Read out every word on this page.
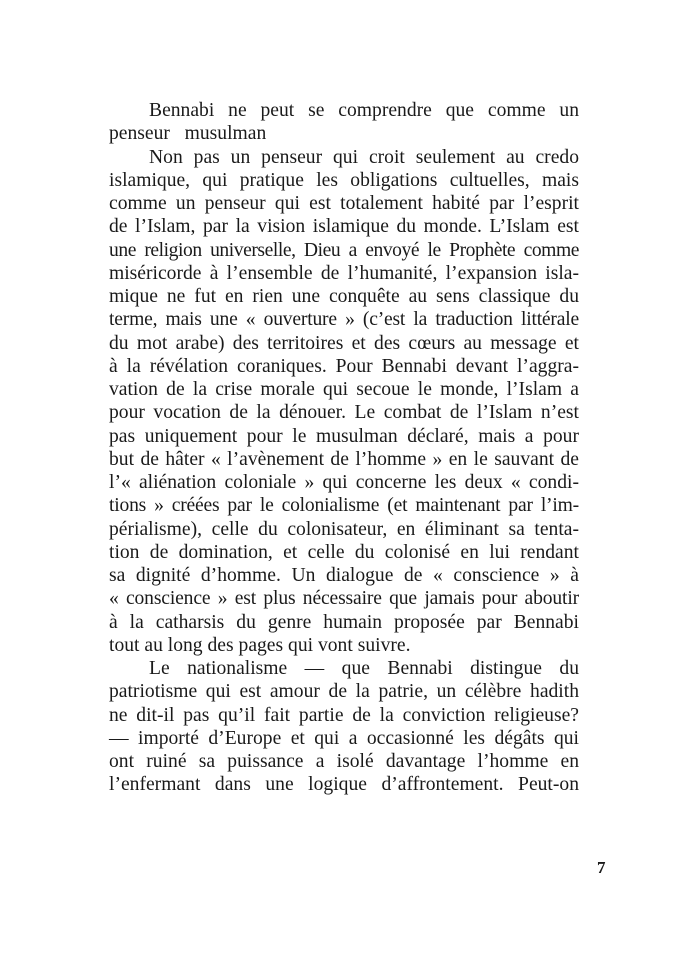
Bennabi ne peut se comprendre que comme un
penseur   musulman
Non pas un penseur qui croit seulement au credo
islamique, qui pratique les obligations cultuelles, mais
comme un penseur qui est totalement habité par l’esprit
de l’Islam, par la vision islamique du monde. L’Islam est
une religion universelle, Dieu a envoyé le Prophète comme
miséricorde à l’ensemble de l’humanité, l’expansion isla-
mique ne fut en rien une conquête au sens classique du
terme, mais une « ouverture » (c’est la traduction littérale
du mot arabe) des territoires et des cœurs au message et
à la révélation coraniques. Pour Bennabi devant l’aggra-
vation de la crise morale qui secoue le monde, l’Islam a
pour vocation de la dénouer. Le combat de l’Islam n’est
pas uniquement pour le musulman déclaré, mais a pour
but de hâter « l’avènement de l’homme » en le sauvant de
l’« aliénation coloniale » qui concerne les deux « condi-
tions » créées par le colonialisme (et maintenant par l’im-
périalisme), celle du colonisateur, en éliminant sa tenta-
tion de domination, et celle du colonisé en lui rendant
sa dignité d’homme. Un dialogue de « conscience » à
« conscience » est plus nécessaire que jamais pour aboutir
à la catharsis du genre humain proposée par Bennabi
tout au long des pages qui vont suivre.
Le nationalisme — que Bennabi distingue du
patriotisme qui est amour de la patrie, un célèbre hadith
ne dit-il pas qu’il fait partie de la conviction religieuse?
— importé d’Europe et qui a occasionné les dégâts qui
ont ruiné sa puissance a isolé davantage l’homme en
l’enfermant dans une logique d’affrontement. Peut-on
7
